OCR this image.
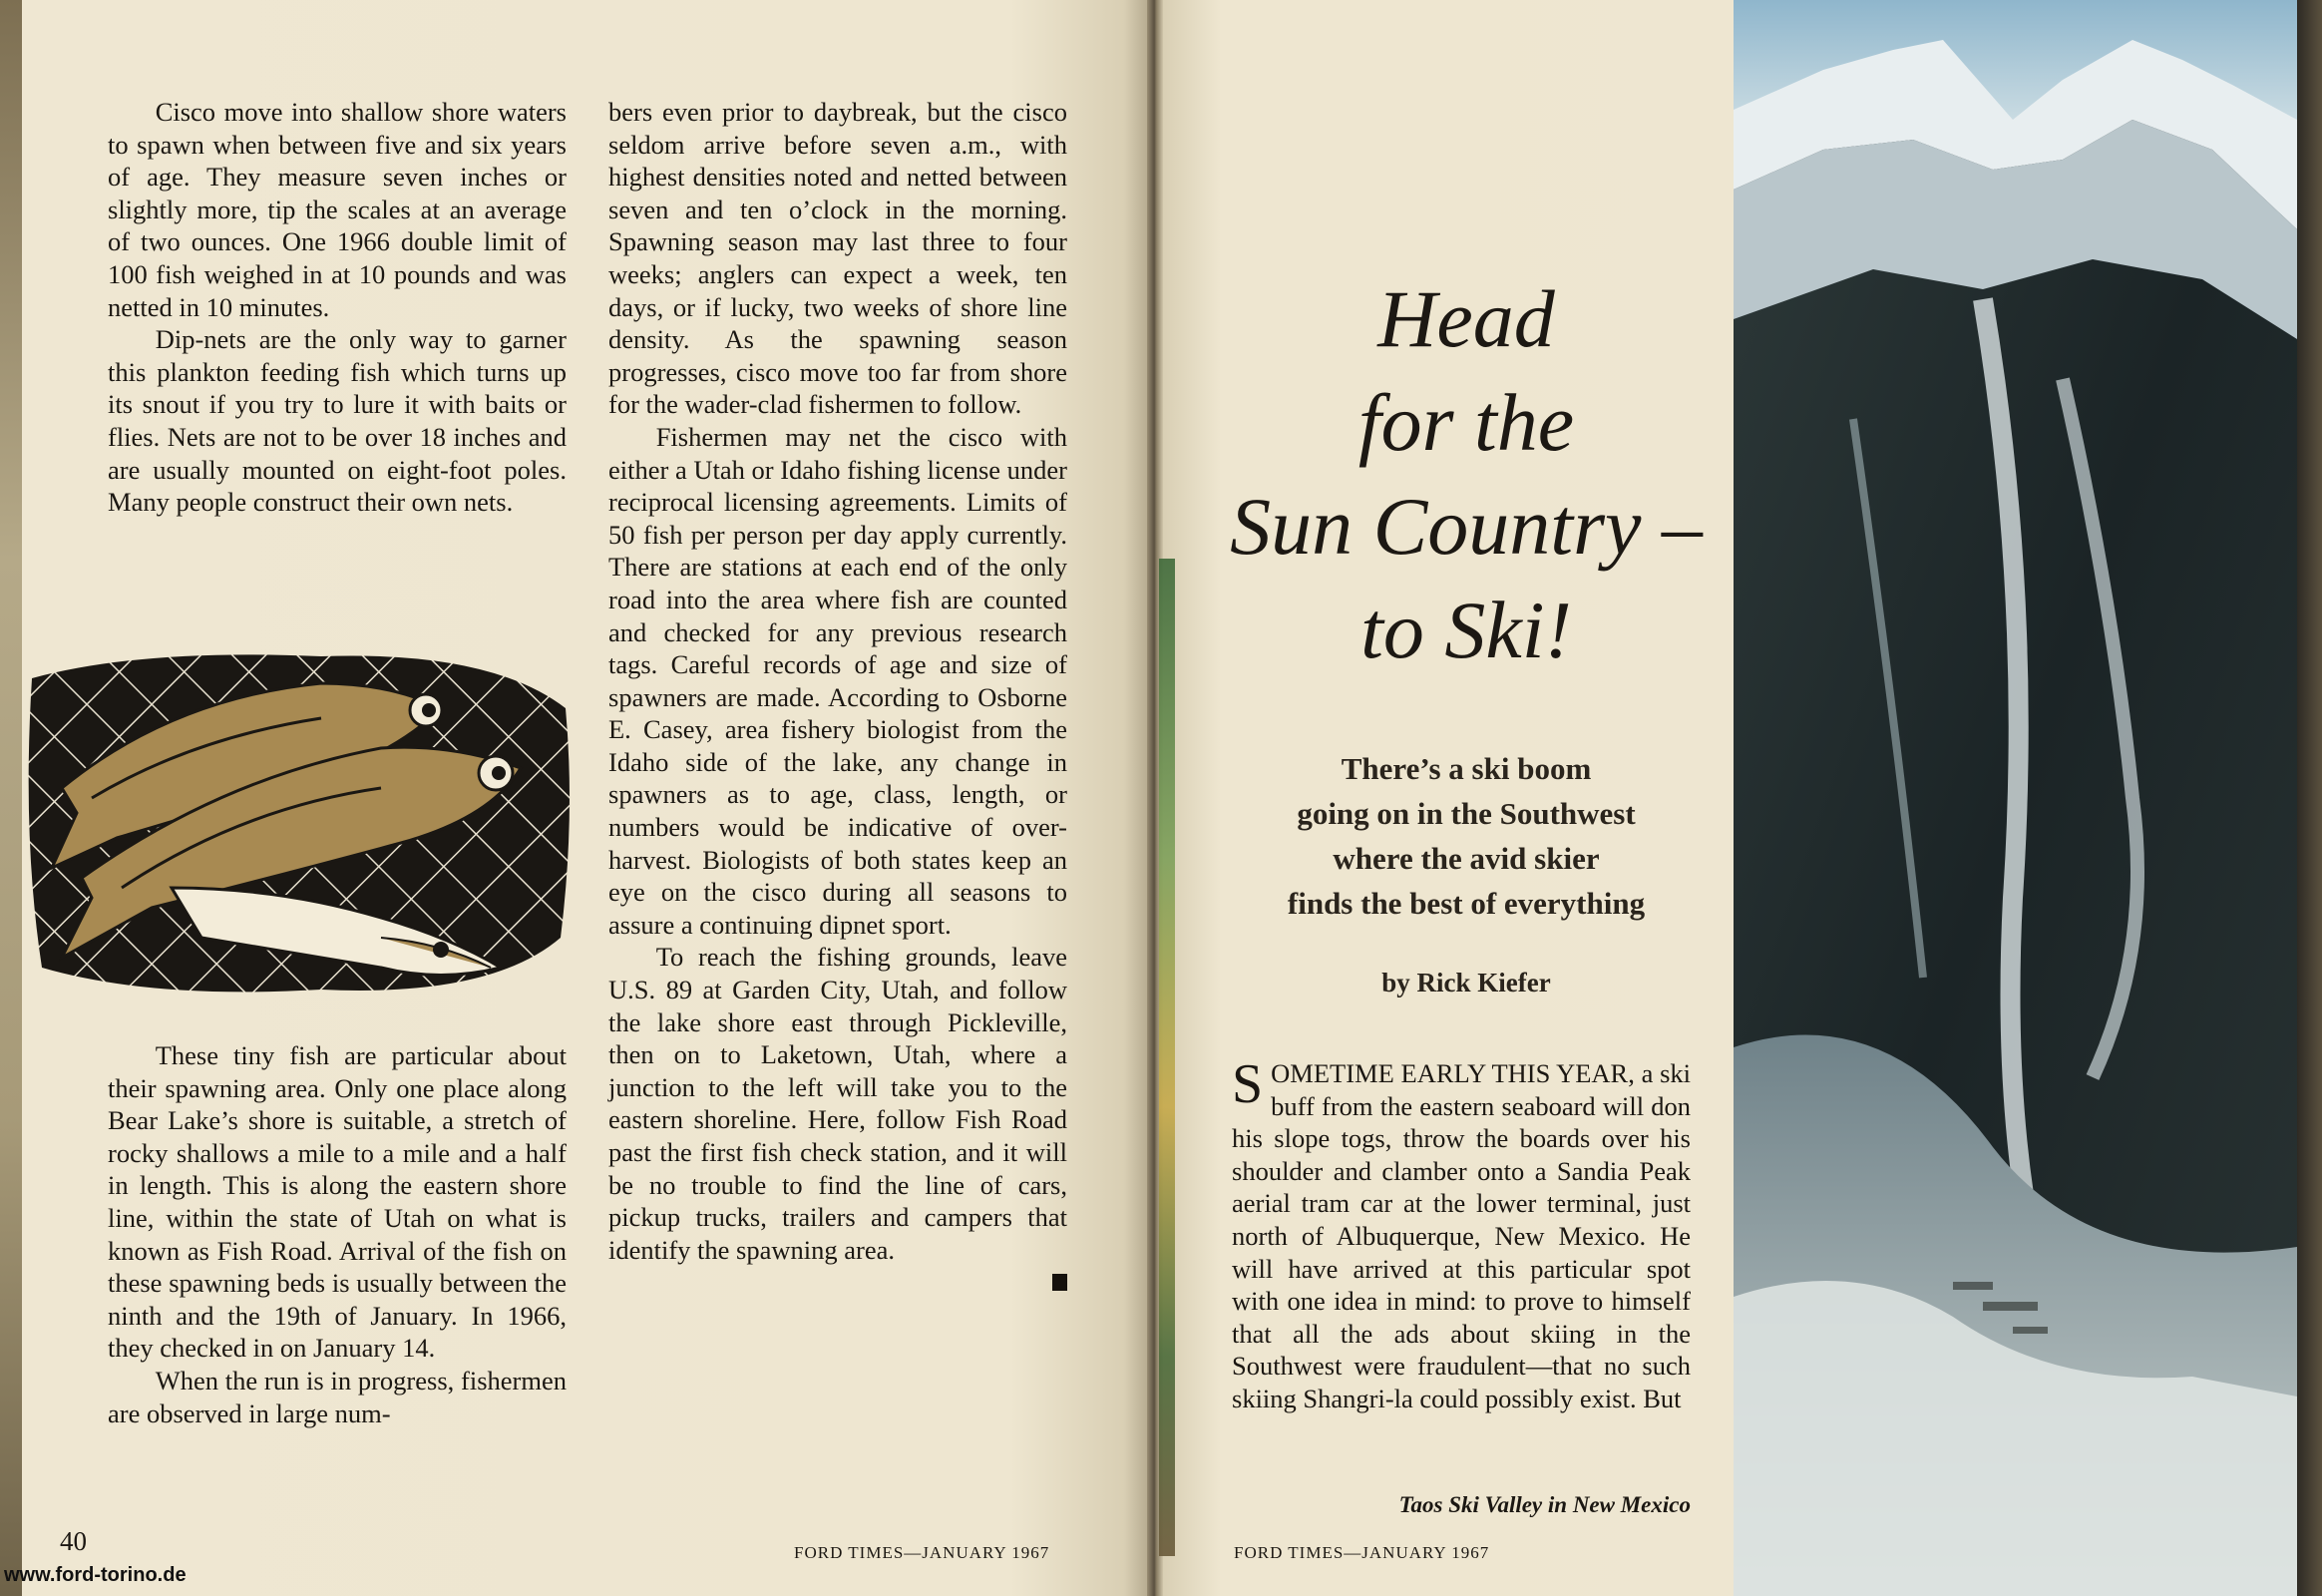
Cisco move into shallow shore waters to spawn when between five and six years of age. They measure seven inches or slightly more, tip the scales at an average of two ounces. One 1966 double limit of 100 fish weighed in at 10 pounds and was netted in 10 minutes.

Dip-nets are the only way to garner this plankton feeding fish which turns up its snout if you try to lure it with baits or flies. Nets are not to be over 18 inches and are usually mounted on eight-foot poles. Many people construct their own nets.

These tiny fish are particular about their spawning area. Only one place along Bear Lake’s shore is suitable, a stretch of rocky shallows a mile to a mile and a half in length. This is along the eastern shore line, within the state of Utah on what is known as Fish Road. Arrival of the fish on these spawning beds is usually between the ninth and the 19th of January. In 1966, they checked in on January 14.

When the run is in progress, fishermen are observed in large num-

bers even prior to daybreak, but the cisco seldom arrive before seven a.m., with highest densities noted and netted between seven and ten o’clock in the morning. Spawning season may last three to four weeks; anglers can expect a week, ten days, or if lucky, two weeks of shore line density. As the spawning season progresses, cisco move too far from shore for the wader-clad fishermen to follow.

Fishermen may net the cisco with either a Utah or Idaho fishing license under reciprocal licensing agreements. Limits of 50 fish per person per day apply currently. There are stations at each end of the only road into the area where fish are counted and checked for any previous research tags. Careful records of age and size of spawners are made. According to Osborne E. Casey, area fishery biologist from the Idaho side of the lake, any change in spawners as to age, class, length, or numbers would be indicative of over-harvest. Biologists of both states keep an eye on the cisco during all seasons to assure a continuing dipnet sport.

To reach the fishing grounds, leave U.S. 89 at Garden City, Utah, and follow the lake shore east through Pickleville, then on to Laketown, Utah, where a junction to the left will take you to the eastern shoreline. Here, follow Fish Road past the first fish check station, and it will be no trouble to find the line of cars, pickup trucks, trailers and campers that identify the spawning area.

40	FORD TIMES—JANUARY 1967
www.ford-torino.de
Head
for the
Sun Country –
to Ski!
There’s a ski boom
going on in the Southwest
where the avid skier
finds the best of everything
by Rick Kiefer

SOMETIME EARLY THIS YEAR, a ski buff from the eastern seaboard will don his slope togs, throw the boards over his shoulder and clamber onto a Sandia Peak aerial tram car at the lower terminal, just north of Albuquerque, New Mexico. He will have arrived at this particular spot with one idea in mind: to prove to himself that all the ads about skiing in the Southwest were fraudulent—that no such skiing Shangri-la could possibly exist. But

Taos Ski Valley in New Mexico
FORD TIMES—JANUARY 1967
